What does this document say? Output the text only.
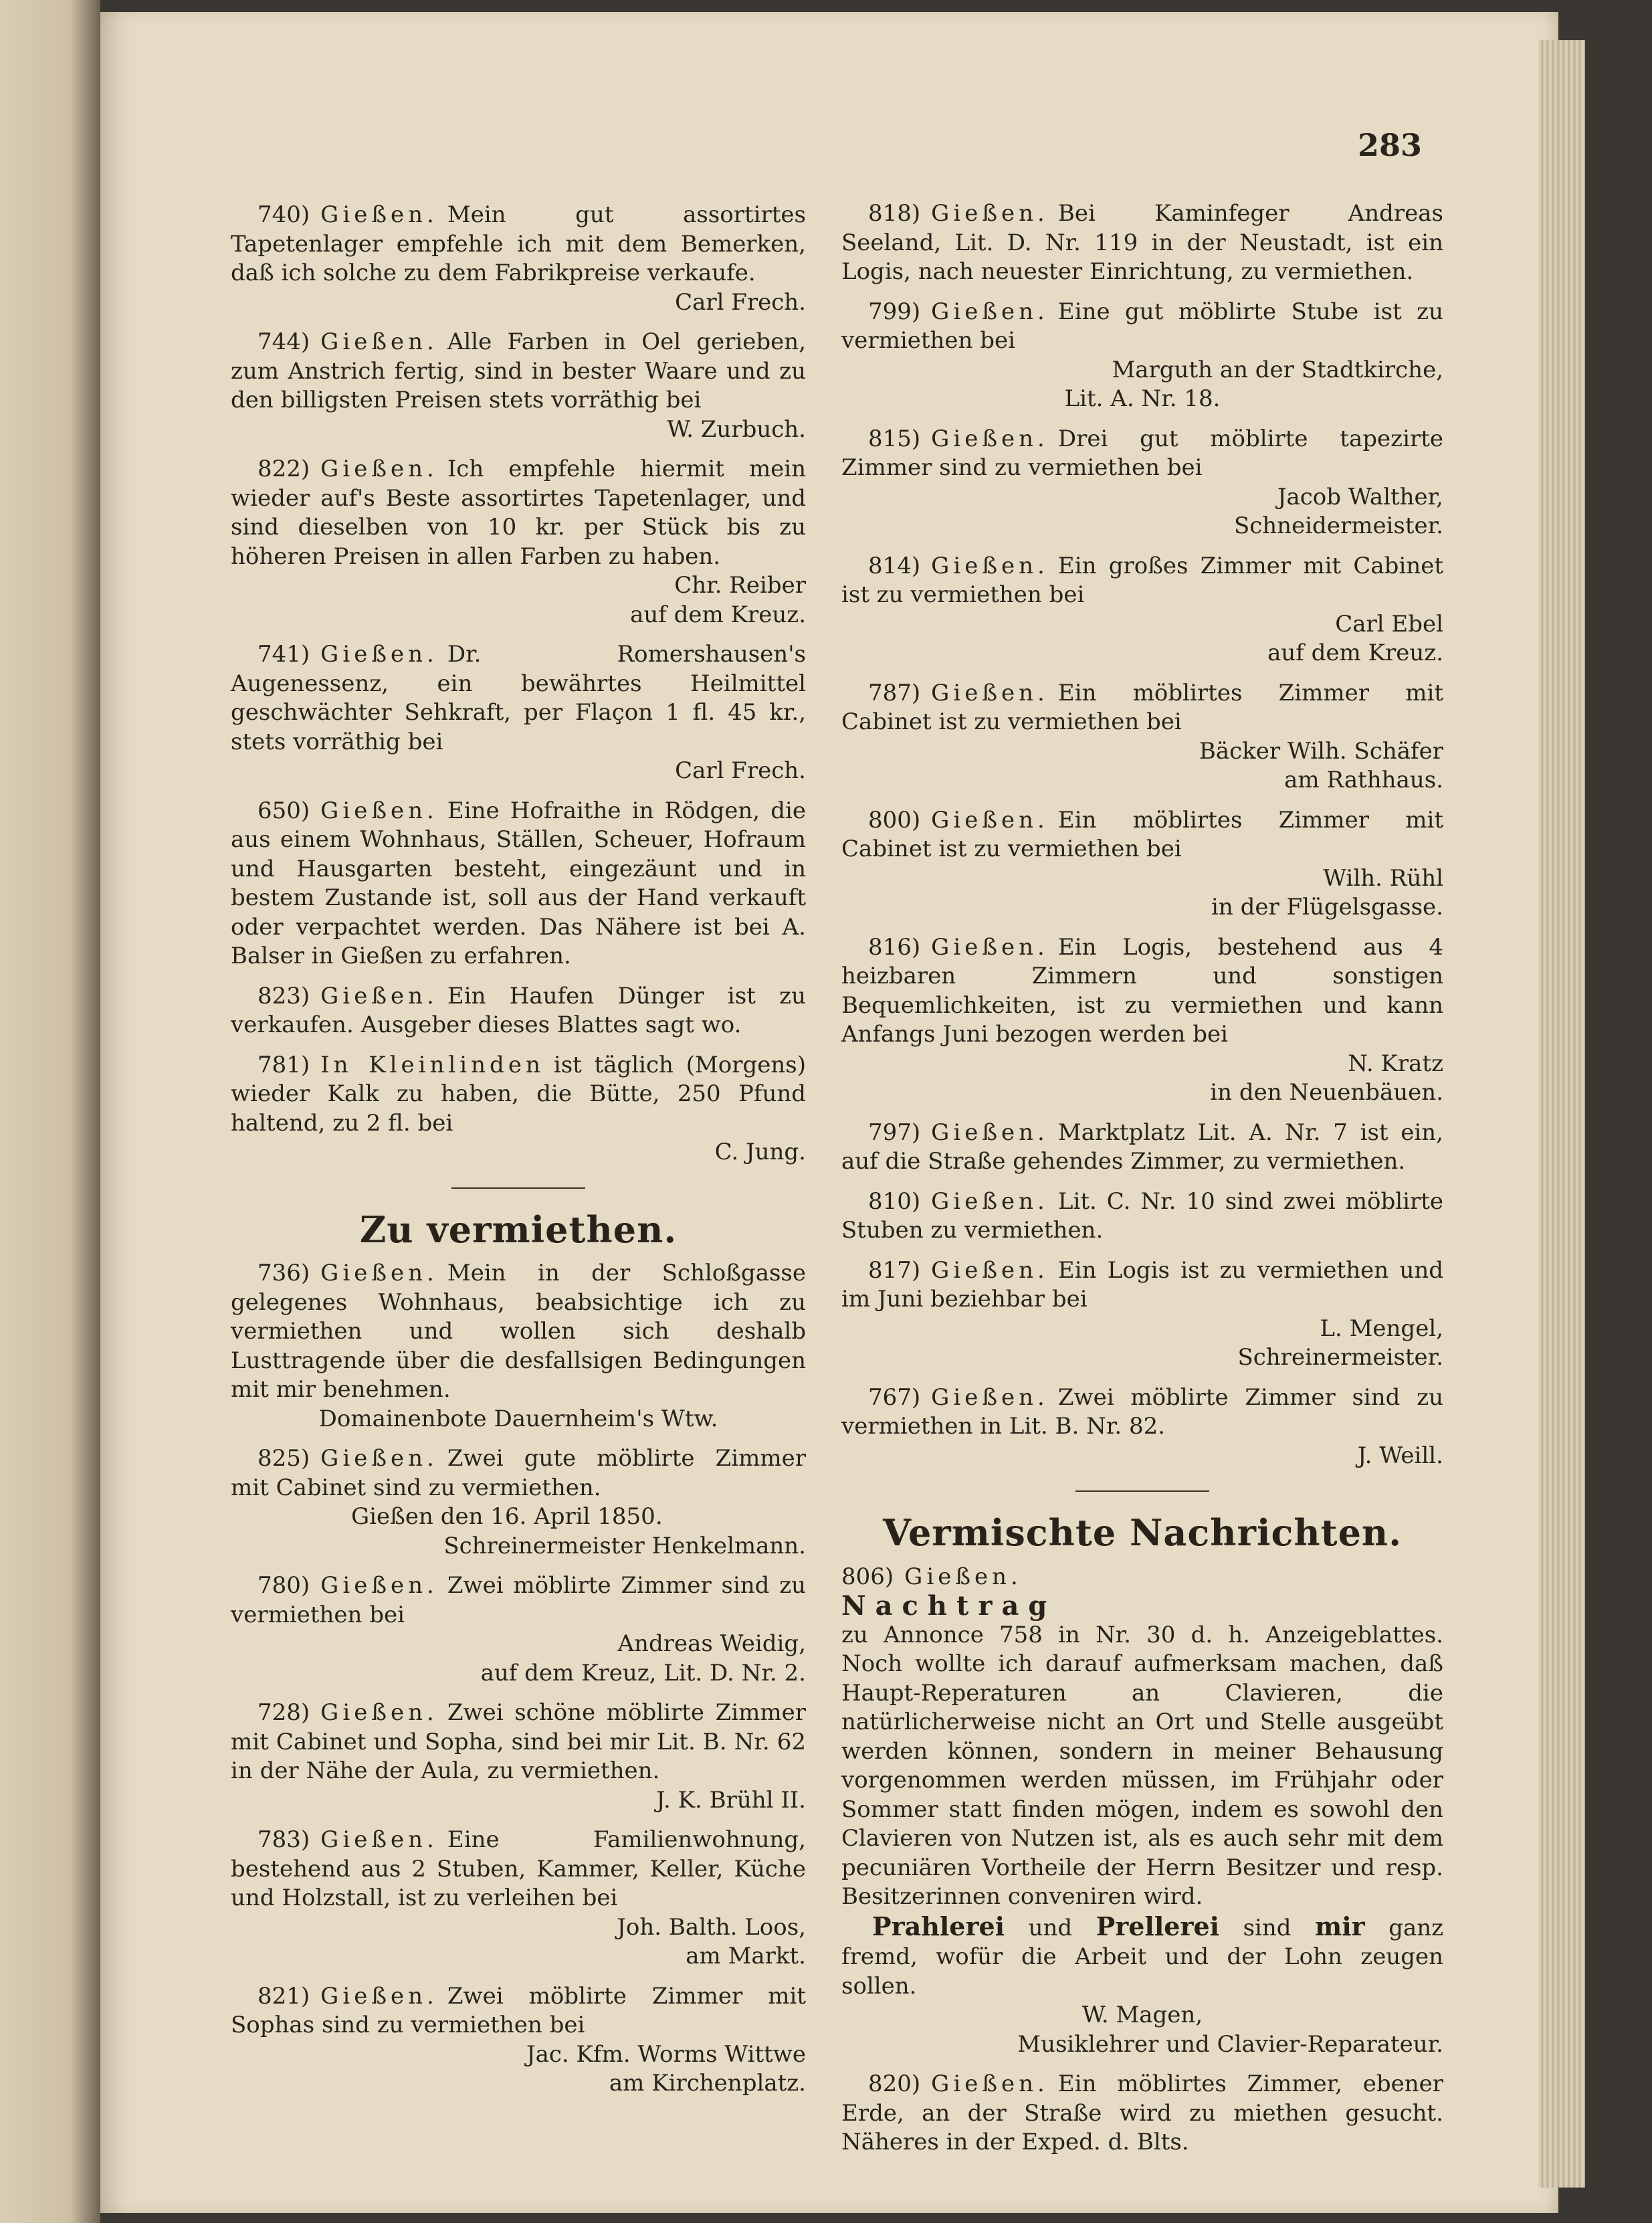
283

740) Gießen. Mein gut assortirtes Tapetenlager empfehle ich mit dem Bemerken, daß ich solche zu dem Fabrikpreise verkaufe.

Carl Frech.

744) Gießen. Alle Farben in Oel gerieben, zum Anstrich fertig, sind in bester Waare und zu den billigsten Preisen stets vorräthig bei

W. Zurbuch.

822) Gießen. Ich empfehle hiermit mein wieder auf's Beste assortirtes Tapetenlager, und sind dieselben von 10 kr. per Stück bis zu höheren Preisen in allen Farben zu haben.

Chr. Reiber

auf dem Kreuz.

741) Gießen. Dr. Romershausen's Augenessenz, ein bewährtes Heilmittel geschwächter Sehkraft, per Flaçon 1 fl. 45 kr., stets vorräthig bei

Carl Frech.

650) Gießen. Eine Hofraithe in Rödgen, die aus einem Wohnhaus, Ställen, Scheuer, Hofraum und Hausgarten besteht, eingezäunt und in bestem Zustande ist, soll aus der Hand verkauft oder verpachtet werden. Das Nähere ist bei A. Balser in Gießen zu erfahren.

823) Gießen. Ein Haufen Dünger ist zu verkaufen. Ausgeber dieses Blattes sagt wo.

781) In Kleinlinden ist täglich (Morgens) wieder Kalk zu haben, die Bütte, 250 Pfund haltend, zu 2 fl. bei

C. Jung.

Zu vermiethen.

736) Gießen. Mein in der Schloßgasse gelegenes Wohnhaus, beabsichtige ich zu vermiethen und wollen sich deshalb Lusttragende über die desfallsigen Bedingungen mit mir benehmen.

Domainenbote Dauernheim's Wtw.

825) Gießen. Zwei gute möblirte Zimmer mit Cabinet sind zu vermiethen.

Gießen den 16. April 1850.

Schreinermeister Henkelmann.

780) Gießen. Zwei möblirte Zimmer sind zu vermiethen bei

Andreas Weidig,

auf dem Kreuz, Lit. D. Nr. 2.

728) Gießen. Zwei schöne möblirte Zimmer mit Cabinet und Sopha, sind bei mir Lit. B. Nr. 62 in der Nähe der Aula, zu vermiethen.

J. K. Brühl II.

783) Gießen. Eine Familienwohnung, bestehend aus 2 Stuben, Kammer, Keller, Küche und Holzstall, ist zu verleihen bei

Joh. Balth. Loos,

am Markt.

821) Gießen. Zwei möblirte Zimmer mit Sophas sind zu vermiethen bei

Jac. Kfm. Worms Wittwe

am Kirchenplatz.

818) Gießen. Bei Kaminfeger Andreas Seeland, Lit. D. Nr. 119 in der Neustadt, ist ein Logis, nach neuester Einrichtung, zu vermiethen.

799) Gießen. Eine gut möblirte Stube ist zu vermiethen bei

Marguth an der Stadtkirche,

Lit. A. Nr. 18.

815) Gießen. Drei gut möblirte tapezirte Zimmer sind zu vermiethen bei

Jacob Walther,

Schneidermeister.

814) Gießen. Ein großes Zimmer mit Cabinet ist zu vermiethen bei

Carl Ebel

auf dem Kreuz.

787) Gießen. Ein möblirtes Zimmer mit Cabinet ist zu vermiethen bei

Bäcker Wilh. Schäfer

am Rathhaus.

800) Gießen. Ein möblirtes Zimmer mit Cabinet ist zu vermiethen bei

Wilh. Rühl

in der Flügelsgasse.

816) Gießen. Ein Logis, bestehend aus 4 heizbaren Zimmern und sonstigen Bequemlichkeiten, ist zu vermiethen und kann Anfangs Juni bezogen werden bei

N. Kratz

in den Neuenbäuen.

797) Gießen. Marktplatz Lit. A. Nr. 7 ist ein, auf die Straße gehendes Zimmer, zu vermiethen.

810) Gießen. Lit. C. Nr. 10 sind zwei möblirte Stuben zu vermiethen.

817) Gießen. Ein Logis ist zu vermiethen und im Juni beziehbar bei

L. Mengel,

Schreinermeister.

767) Gießen. Zwei möblirte Zimmer sind zu vermiethen in Lit. B. Nr. 82.

J. Weill.

Vermischte Nachrichten.

806) Gießen.

Nachtrag

zu Annonce 758 in Nr. 30 d. h. Anzeigeblattes. Noch wollte ich darauf aufmerksam machen, daß Haupt-Reperaturen an Clavieren, die natürlicherweise nicht an Ort und Stelle ausgeübt werden können, sondern in meiner Behausung vorgenommen werden müssen, im Frühjahr oder Sommer statt finden mögen, indem es sowohl den Clavieren von Nutzen ist, als es auch sehr mit dem pecuniären Vortheile der Herrn Besitzer und resp. Besitzerinnen conveniren wird.

Prahlerei und Prellerei sind mir ganz fremd, wofür die Arbeit und der Lohn zeugen sollen.

W. Magen,

Musiklehrer und Clavier-Reparateur.

820) Gießen. Ein möblirtes Zimmer, ebener Erde, an der Straße wird zu miethen gesucht. Näheres in der Exped. d. Blts.
